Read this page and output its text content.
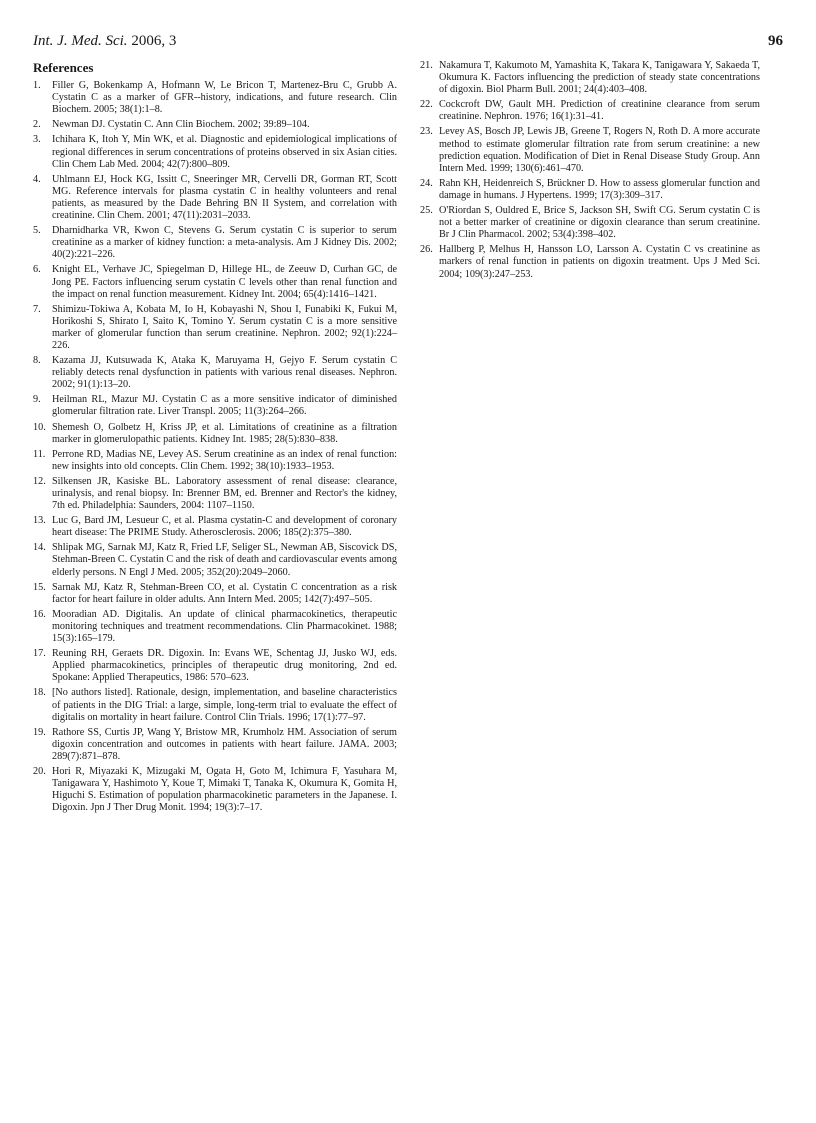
Int. J. Med. Sci. 2006, 3	96
References
1. Filler G, Bokenkamp A, Hofmann W, Le Bricon T, Martenez-Bru C, Grubb A. Cystatin C as a marker of GFR--history, indications, and future research. Clin Biochem. 2005; 38(1):1–8.
2. Newman DJ. Cystatin C. Ann Clin Biochem. 2002; 39:89–104.
3. Ichihara K, Itoh Y, Min WK, et al. Diagnostic and epidemiological implications of regional differences in serum concentrations of proteins observed in six Asian cities. Clin Chem Lab Med. 2004; 42(7):800–809.
4. Uhlmann EJ, Hock KG, Issitt C, Sneeringer MR, Cervelli DR, Gorman RT, Scott MG. Reference intervals for plasma cystatin C in healthy volunteers and renal patients, as measured by the Dade Behring BN II System, and correlation with creatinine. Clin Chem. 2001; 47(11):2031–2033.
5. Dharnidharka VR, Kwon C, Stevens G. Serum cystatin C is superior to serum creatinine as a marker of kidney function: a meta-analysis. Am J Kidney Dis. 2002; 40(2):221–226.
6. Knight EL, Verhave JC, Spiegelman D, Hillege HL, de Zeeuw D, Curhan GC, de Jong PE. Factors influencing serum cystatin C levels other than renal function and the impact on renal function measurement. Kidney Int. 2004; 65(4):1416–1421.
7. Shimizu-Tokiwa A, Kobata M, Io H, Kobayashi N, Shou I, Funabiki K, Fukui M, Horikoshi S, Shirato I, Saito K, Tomino Y. Serum cystatin C is a more sensitive marker of glomerular function than serum creatinine. Nephron. 2002; 92(1):224–226.
8. Kazama JJ, Kutsuwada K, Ataka K, Maruyama H, Gejyo F. Serum cystatin C reliably detects renal dysfunction in patients with various renal diseases. Nephron. 2002; 91(1):13–20.
9. Heilman RL, Mazur MJ. Cystatin C as a more sensitive indicator of diminished glomerular filtration rate. Liver Transpl. 2005; 11(3):264–266.
10. Shemesh O, Golbetz H, Kriss JP, et al. Limitations of creatinine as a filtration marker in glomerulopathic patients. Kidney Int. 1985; 28(5):830–838.
11. Perrone RD, Madias NE, Levey AS. Serum creatinine as an index of renal function: new insights into old concepts. Clin Chem. 1992; 38(10):1933–1953.
12. Silkensen JR, Kasiske BL. Laboratory assessment of renal disease: clearance, urinalysis, and renal biopsy. In: Brenner BM, ed. Brenner and Rector's the kidney, 7th ed. Philadelphia: Saunders, 2004: 1107–1150.
13. Luc G, Bard JM, Lesueur C, et al. Plasma cystatin-C and development of coronary heart disease: The PRIME Study. Atherosclerosis. 2006; 185(2):375–380.
14. Shlipak MG, Sarnak MJ, Katz R, Fried LF, Seliger SL, Newman AB, Siscovick DS, Stehman-Breen C. Cystatin C and the risk of death and cardiovascular events among elderly persons. N Engl J Med. 2005; 352(20):2049–2060.
15. Sarnak MJ, Katz R, Stehman-Breen CO, et al. Cystatin C concentration as a risk factor for heart failure in older adults. Ann Intern Med. 2005; 142(7):497–505.
16. Mooradian AD. Digitalis. An update of clinical pharmacokinetics, therapeutic monitoring techniques and treatment recommendations. Clin Pharmacokinet. 1988; 15(3):165–179.
17. Reuning RH, Geraets DR. Digoxin. In: Evans WE, Schentag JJ, Jusko WJ, eds. Applied pharmacokinetics, principles of therapeutic drug monitoring, 2nd ed. Spokane: Applied Therapeutics, 1986: 570–623.
18. [No authors listed]. Rationale, design, implementation, and baseline characteristics of patients in the DIG Trial: a large, simple, long-term trial to evaluate the effect of digitalis on mortality in heart failure. Control Clin Trials. 1996; 17(1):77–97.
19. Rathore SS, Curtis JP, Wang Y, Bristow MR, Krumholz HM. Association of serum digoxin concentration and outcomes in patients with heart failure. JAMA. 2003; 289(7):871–878.
20. Hori R, Miyazaki K, Mizugaki M, Ogata H, Goto M, Ichimura F, Yasuhara M, Tanigawara Y, Hashimoto Y, Koue T, Mimaki T, Tanaka K, Okumura K, Gomita H, Higuchi S. Estimation of population pharmacokinetic parameters in the Japanese. I. Digoxin. Jpn J Ther Drug Monit. 1994; 19(3):7–17.
21. Nakamura T, Kakumoto M, Yamashita K, Takara K, Tanigawara Y, Sakaeda T, Okumura K. Factors influencing the prediction of steady state concentrations of digoxin. Biol Pharm Bull. 2001; 24(4):403–408.
22. Cockcroft DW, Gault MH. Prediction of creatinine clearance from serum creatinine. Nephron. 1976; 16(1):31–41.
23. Levey AS, Bosch JP, Lewis JB, Greene T, Rogers N, Roth D. A more accurate method to estimate glomerular filtration rate from serum creatinine: a new prediction equation. Modification of Diet in Renal Disease Study Group. Ann Intern Med. 1999; 130(6):461–470.
24. Rahn KH, Heidenreich S, Brückner D. How to assess glomerular function and damage in humans. J Hypertens. 1999; 17(3):309–317.
25. O'Riordan S, Ouldred E, Brice S, Jackson SH, Swift CG. Serum cystatin C is not a better marker of creatinine or digoxin clearance than serum creatinine. Br J Clin Pharmacol. 2002; 53(4):398–402.
26. Hallberg P, Melhus H, Hansson LO, Larsson A. Cystatin C vs creatinine as markers of renal function in patients on digoxin treatment. Ups J Med Sci. 2004; 109(3):247–253.
